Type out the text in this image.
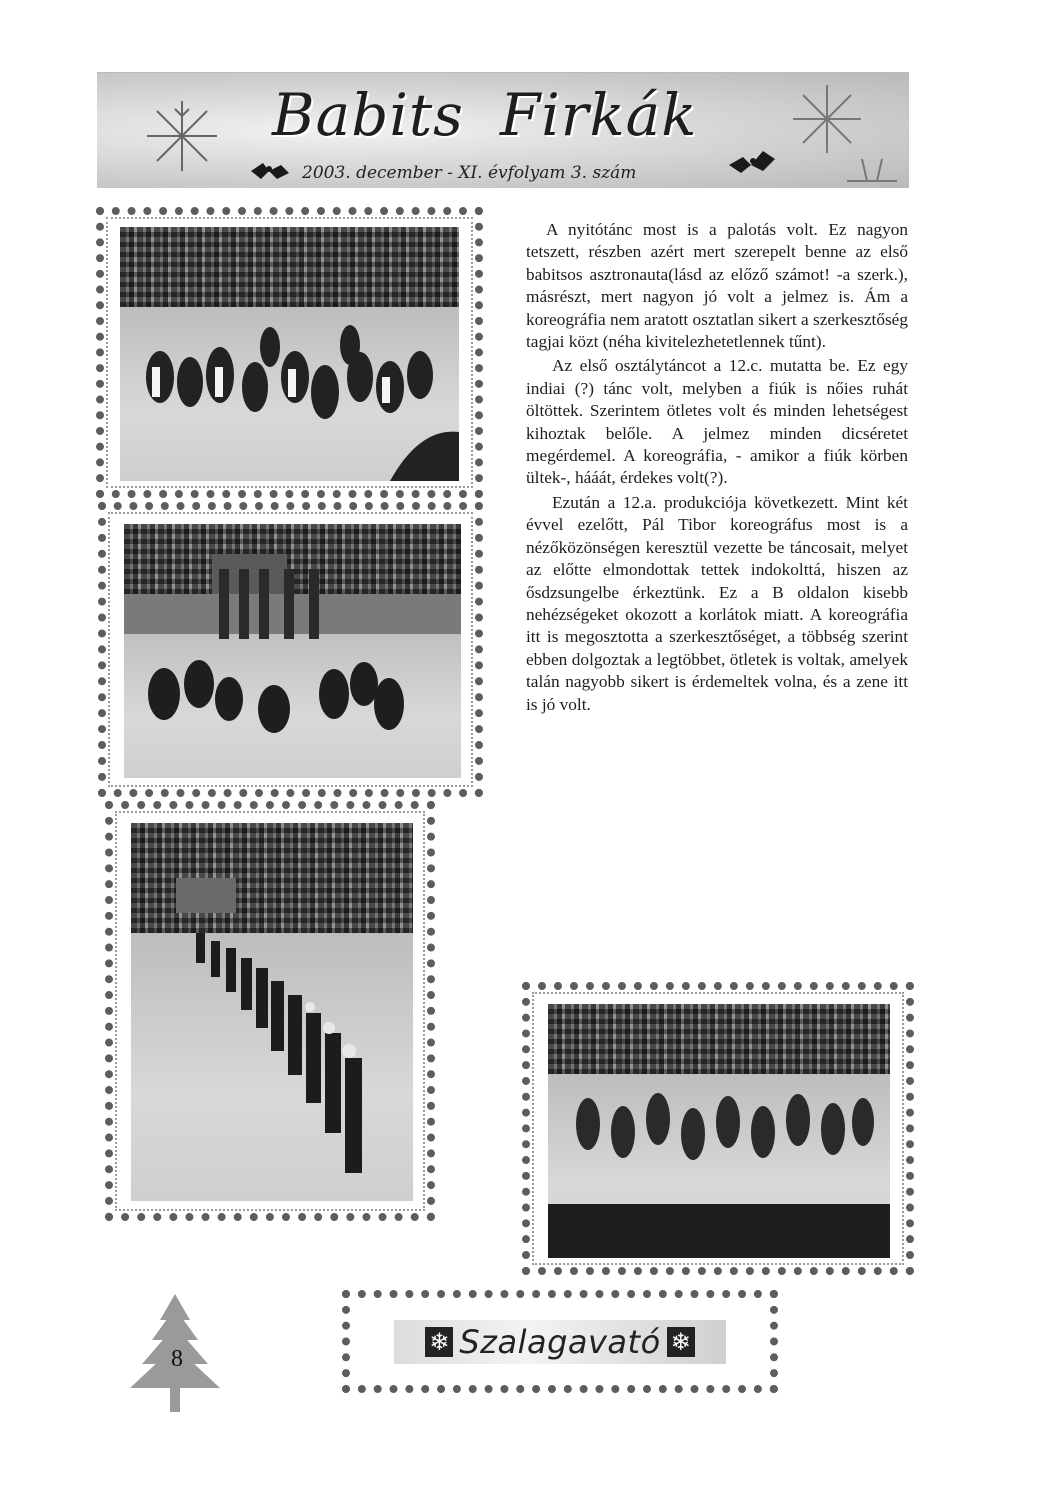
Babits Firkák
2003. december - XI. évfolyam 3. szám

A nyitótánc most is a palotás volt. Ez nagyon tetszett, részben azért mert szerepelt benne az első babitsos asztronauta(lásd az előző számot! -a szerk.), másrészt, mert nagyon jó volt a jelmez is. Ám a koreográfia nem aratott osztatlan sikert a szerkesztőség tagjai közt (néha kivitelezhetetlennek tűnt).

Az első osztálytáncot a 12.c. mutatta be. Ez egy indiai (?) tánc volt, melyben a fiúk is nőies ruhát öltöttek. Szerintem ötletes volt és minden lehetségest kihoztak belőle. A jelmez minden dicséretet megérdemel. A koreográfia, - amikor a fiúk körben ültek-, hááát, érdekes volt(?).

Ezután a 12.a. produkciója következett. Mint két évvel ezelőtt, Pál Tibor koreográfus most is a nézőközönségen keresztül vezette be táncosait, melyet az előtte elmondottak tettek indokolttá, hiszen az ősdzsungelbe érkeztünk. Ez a B oldalon kisebb nehézségeket okozott a korlátok miatt. A koreográfia itt is megosztotta a szerkesztőséget, a többség szerint ebben dolgoztak a legtöbbet, ötletek is voltak, amelyek talán nagyobb sikert is érdemeltek volna, és a zene itt is jó volt.

8
❄ Szalagavató ❄
